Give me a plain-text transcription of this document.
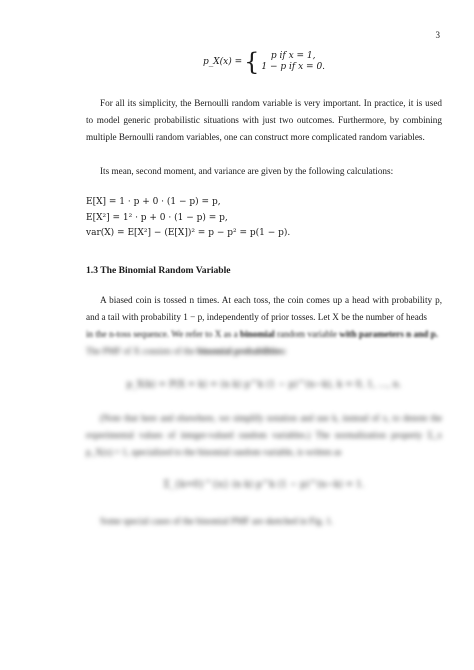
3
p_X(x) = {	p if x = 1,
1 − p if x = 0.
For all its simplicity, the Bernoulli random variable is very important. In practice, it is used to model generic probabilistic situations with just two outcomes. Furthermore, by combining multiple Bernoulli random variables, one can construct more complicated random variables.
Its mean, second moment, and variance are given by the following calculations:
E[X] = 1 · p + 0 · (1 − p) = p,
E[X²] = 1² · p + 0 · (1 − p) = p,
var(X) = E[X²] − (E[X])² = p − p² = p(1 − p).
1.3 The Binomial Random Variable
A biased coin is tossed n times. At each toss, the coin comes up a head with probability p, and a tail with probability 1 − p, independently of prior tosses. Let X be the number of heads
in the n-toss sequence. We refer to X as a binomial random variable with parameters n and p.
The PMF of X consists of the binomial probabilities:
p_X(k) = P(X = k) = (n k) p^k (1 − p)^(n−k), k = 0, 1, ..., n.
(Note that here and elsewhere, we simplify notation and use k, instead of x, to denote the experimental values of integer-valued random variables.) The normalization property Σ_x p_X(x) = 1, specialized to the binomial random variable, is written as
Σ_{k=0}^{n} (n k) p^k (1 − p)^(n−k) = 1.
Some special cases of the binomial PMF are sketched in Fig. 1.
